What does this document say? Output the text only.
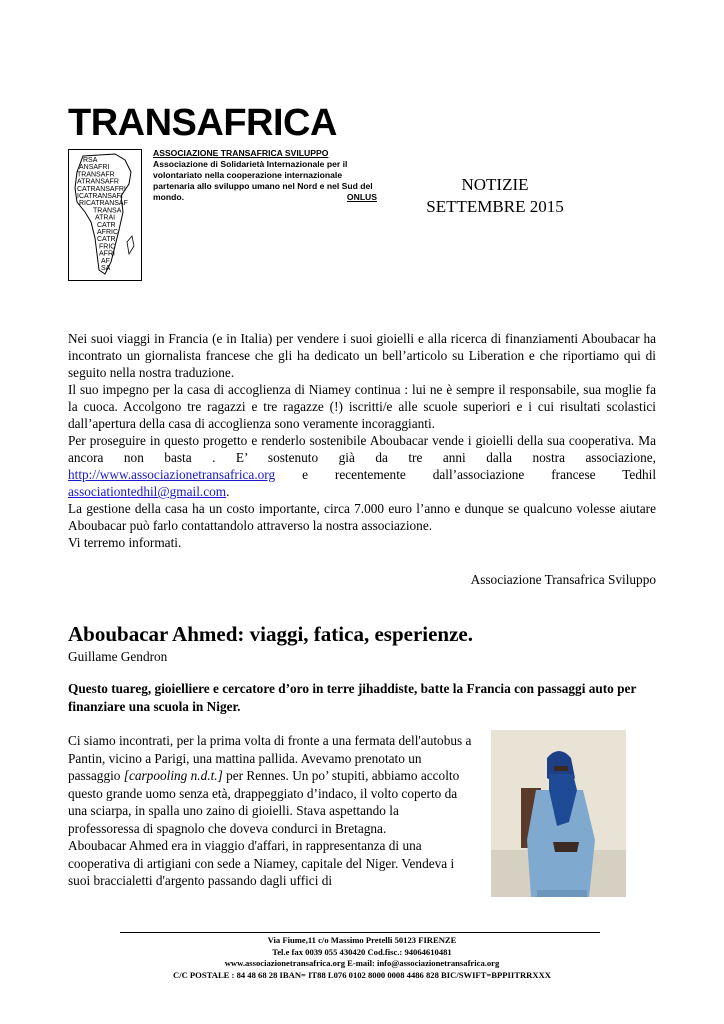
TRANSAFRICA
RSA
ANSAFRI
TRANSAFR
ATRANSAFR
CATRANSAFRI
ICATRANSAFI
RICATRANSAF
TRANSA
ATRAI
CATR
AFRIC
CATR
FRIC
AFRI
AF
SA
ASSOCIAZIONE TRANSAFRICA SVILUPPO
Associazione di Solidarietà Internazionale per il volontariato nella cooperazione internazionale partenaria allo sviluppo umano nel Nord e nel Sud del mondo.	ONLUS
NOTIZIE
SETTEMBRE 2015

Nei suoi viaggi in Francia (e in Italia) per vendere i suoi gioielli e alla ricerca di finanziamenti Aboubacar ha incontrato un giornalista francese che gli ha dedicato un bell’articolo su Liberation e che riportiamo qui di seguito nella nostra traduzione.

Il suo impegno per la casa di accoglienza di Niamey continua : lui ne è sempre il responsabile, sua moglie fa la cuoca. Accolgono tre ragazzi e tre ragazze (!) iscritti/e alle scuole superiori e i cui risultati scolastici dall’apertura della casa di accoglienza sono veramente incoraggianti.

Per proseguire in questo progetto e renderlo sostenibile Aboubacar vende i gioielli della sua cooperativa. Ma ancora non basta . E’ sostenuto già da tre anni dalla nostra associazione, http://www.associazionetransafrica.org e recentemente dall’associazione francese Tedhil associationtedhil@gmail.com.

La gestione della casa ha un costo importante, circa 7.000 euro l’anno e dunque se qualcuno volesse aiutare Aboubacar può farlo contattandolo attraverso la nostra associazione.

Vi terremo informati.

Associazione Transafrica Sviluppo
Aboubacar Ahmed: viaggi, fatica, esperienze.
Guillame Gendron
Questo tuareg, gioielliere e cercatore d’oro in terre jihaddiste, batte la Francia con passaggi auto per finanziare una scuola in Niger.

Ci siamo incontrati, per la prima volta di fronte a una fermata dell'autobus a Pantin, vicino a Parigi, una mattina pallida. Avevamo prenotato un passaggio [carpooling n.d.t.] per Rennes. Un po’ stupiti, abbiamo accolto questo grande uomo senza età, drappeggiato d’indaco, il volto coperto da una sciarpa, in spalla uno zaino di gioielli. Stava aspettando la professoressa di spagnolo che doveva condurci in Bretagna.

Aboubacar Ahmed era in viaggio d'affari, in rappresentanza di una cooperativa di artigiani con sede a Niamey, capitale del Niger. Vendeva i suoi braccialetti d'argento passando dagli uffici di

Via Fiume,11 c/o Massimo Pretelli 50123 FIRENZE
Tel.e fax 0039 055 430420 Cod.fisc.: 94064610481
www.associazionetransafrica.org E-mail: info@associazionetransafrica.org
C/C POSTALE : 84 48 68 28 IBAN= IT88 L076 0102 8000 0008 4486 828 BIC/SWIFT=BPPIITRRXXX
